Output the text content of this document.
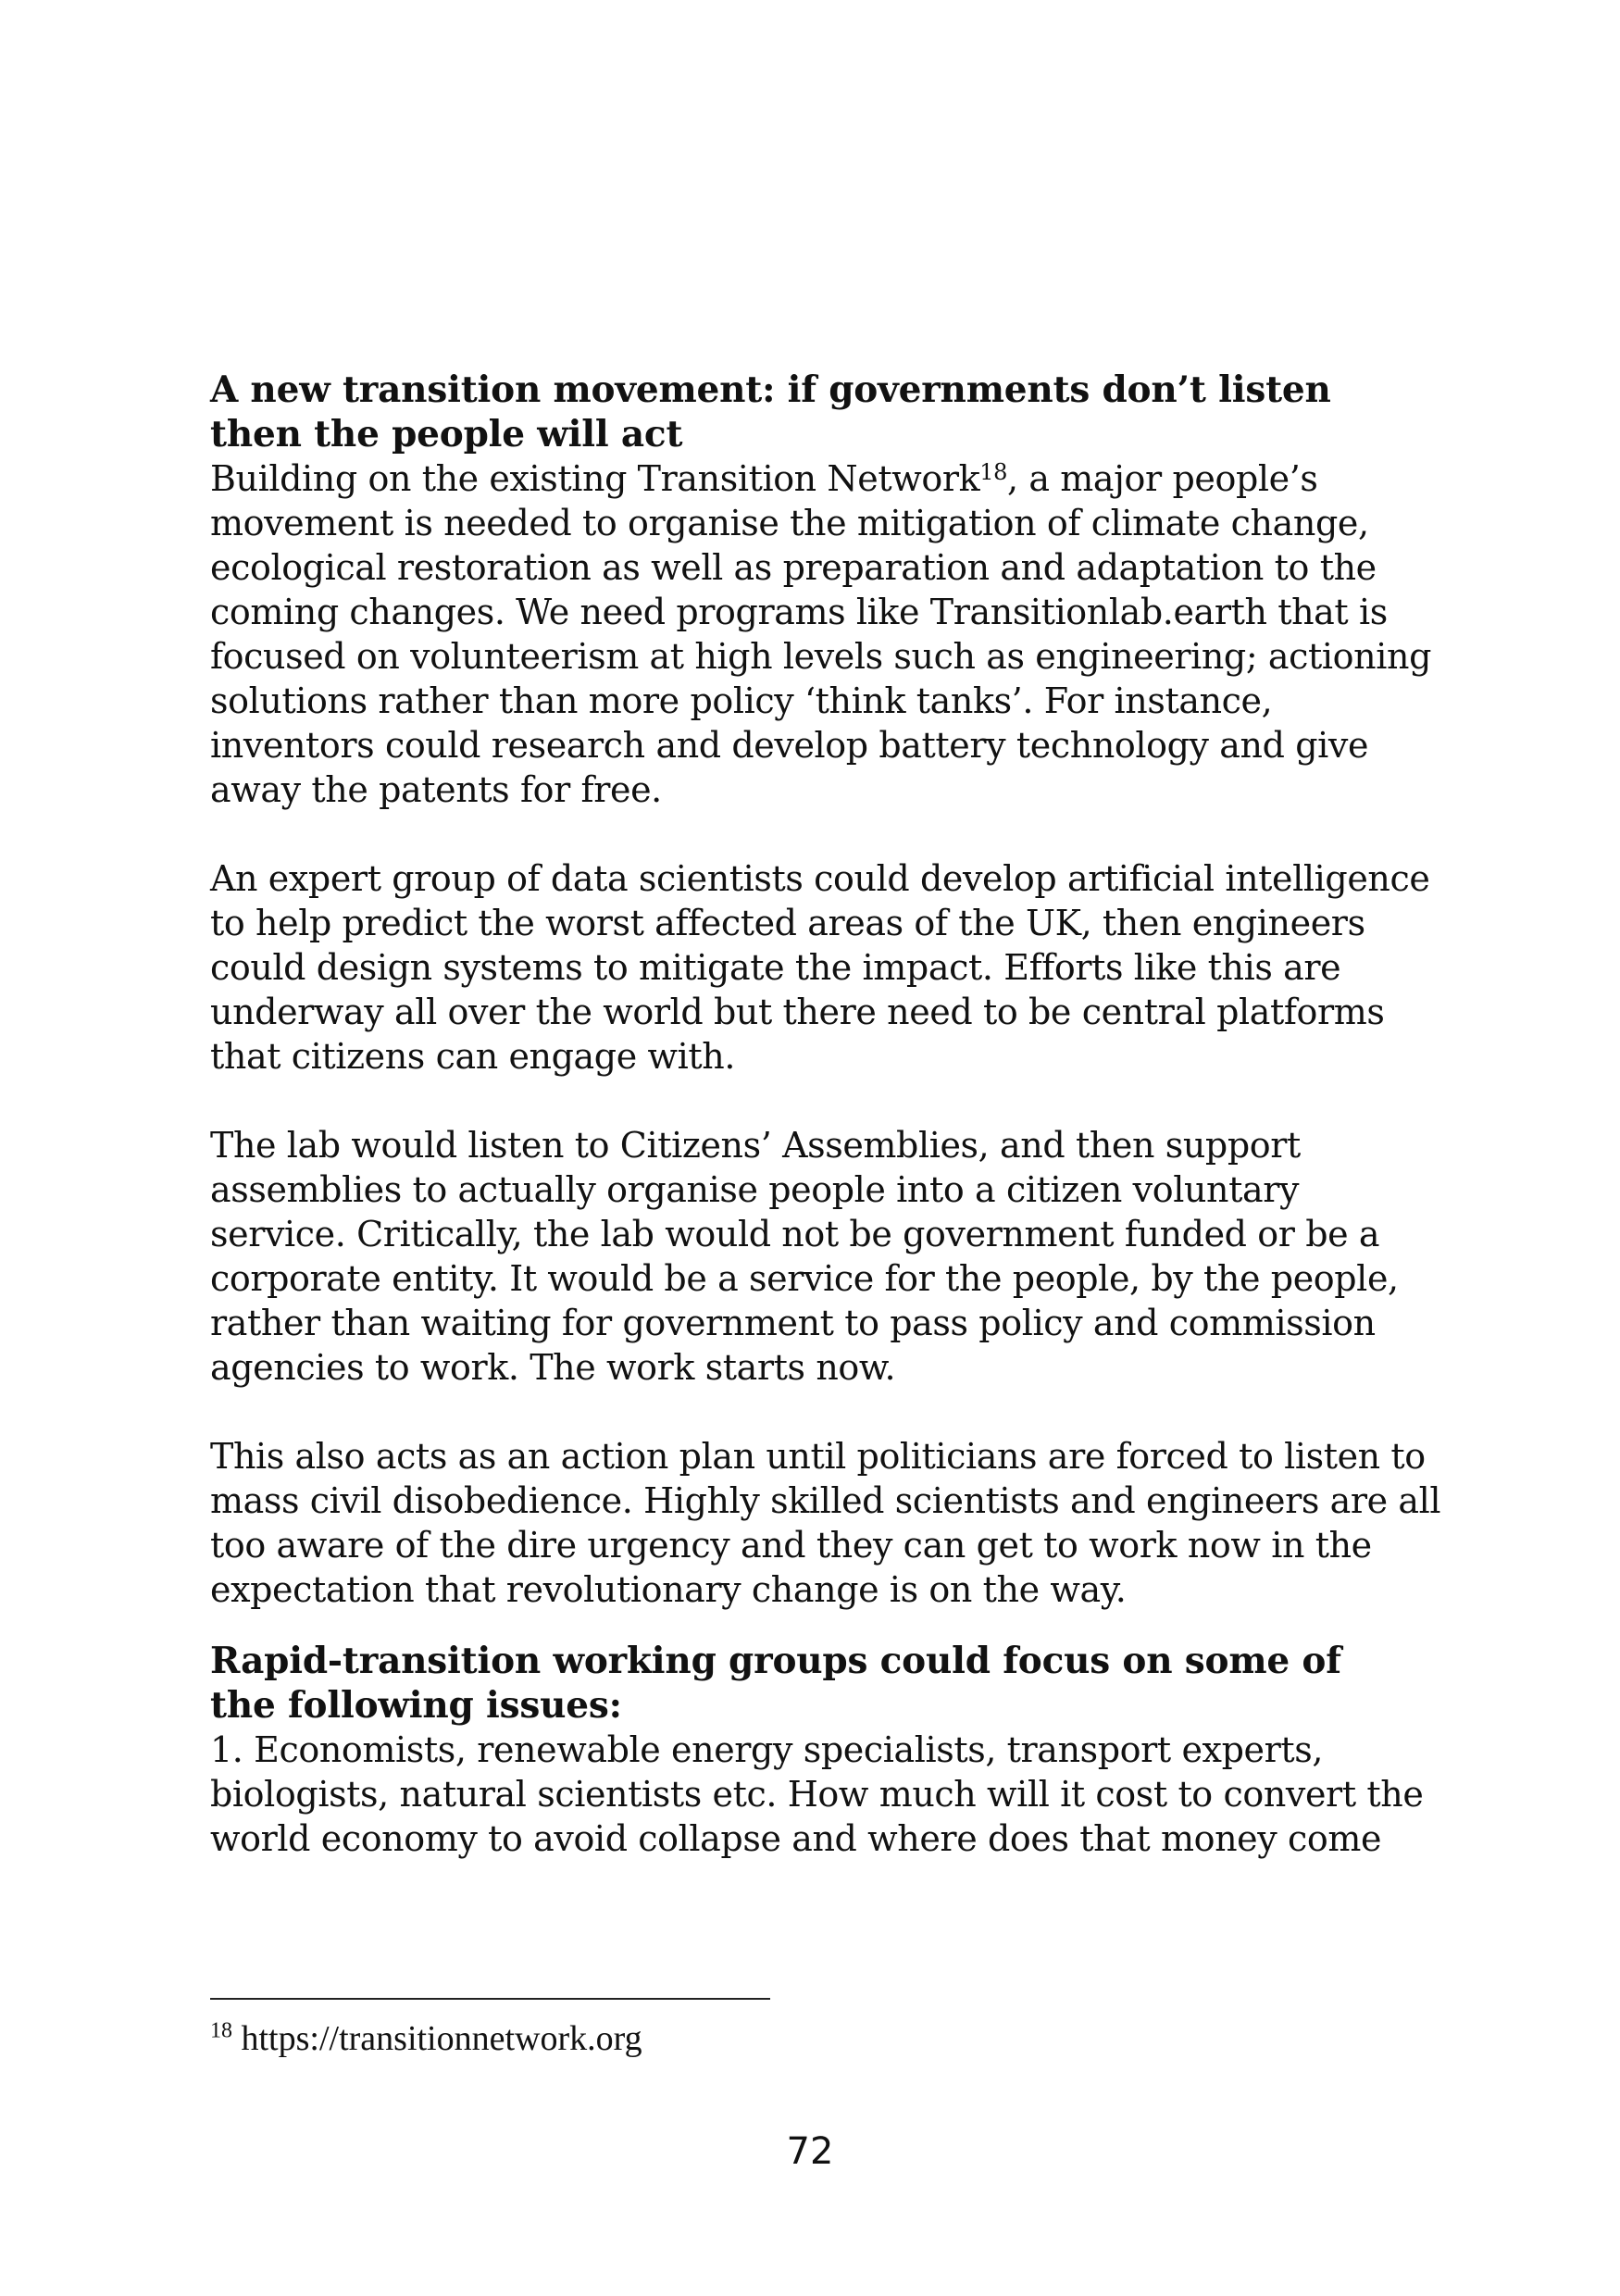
A new transition movement: if governments don’t listen
then the people will act

Building on the existing Transition Network$^{18}$, a major people’s movement is needed to organise the mitigation of climate change, ecological restoration as well as preparation and adaptation to the coming changes. We need programs like Transitionlab.earth that is focused on volunteerism at high levels such as engineering; actioning solutions rather than more policy ‘think tanks’. For instance, inventors could research and develop battery technology and give away the patents for free.

An expert group of data scientists could develop artificial intelligence to help predict the worst affected areas of the UK, then engineers could design systems to mitigate the impact. Efforts like this are underway all over the world but there need to be central platforms that citizens can engage with.

The lab would listen to Citizens’ Assemblies, and then support assemblies to actually organise people into a citizen voluntary service. Critically, the lab would not be government funded or be a corporate entity. It would be a service for the people, by the people, rather than waiting for government to pass policy and commission agencies to work. The work starts now.

This also acts as an action plan until politicians are forced to listen to mass civil disobedience. Highly skilled scientists and engineers are all too aware of the dire urgency and they can get to work now in the expectation that revolutionary change is on the way.

Rapid-transition working groups could focus on some of
the following issues:

1. Economists, renewable energy specialists, transport experts, biologists, natural scientists etc. How much will it cost to convert the world economy to avoid collapse and where does that money come

$^{18}$ https://transitionnetwork.org
72
